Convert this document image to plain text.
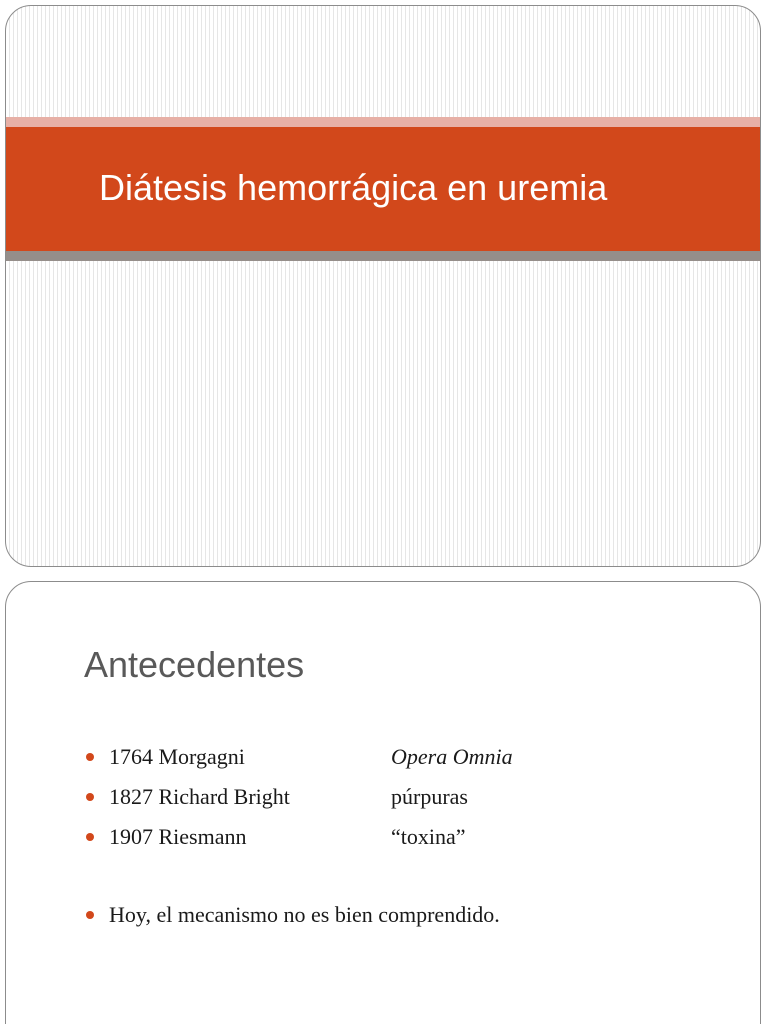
Diátesis hemorrágica en uremia
Antecedentes
1764 Morgagni	Opera Omnia
1827 Richard Bright	púrpuras
1907 Riesmann	“toxina”
Hoy, el mecanismo no es bien comprendido.
